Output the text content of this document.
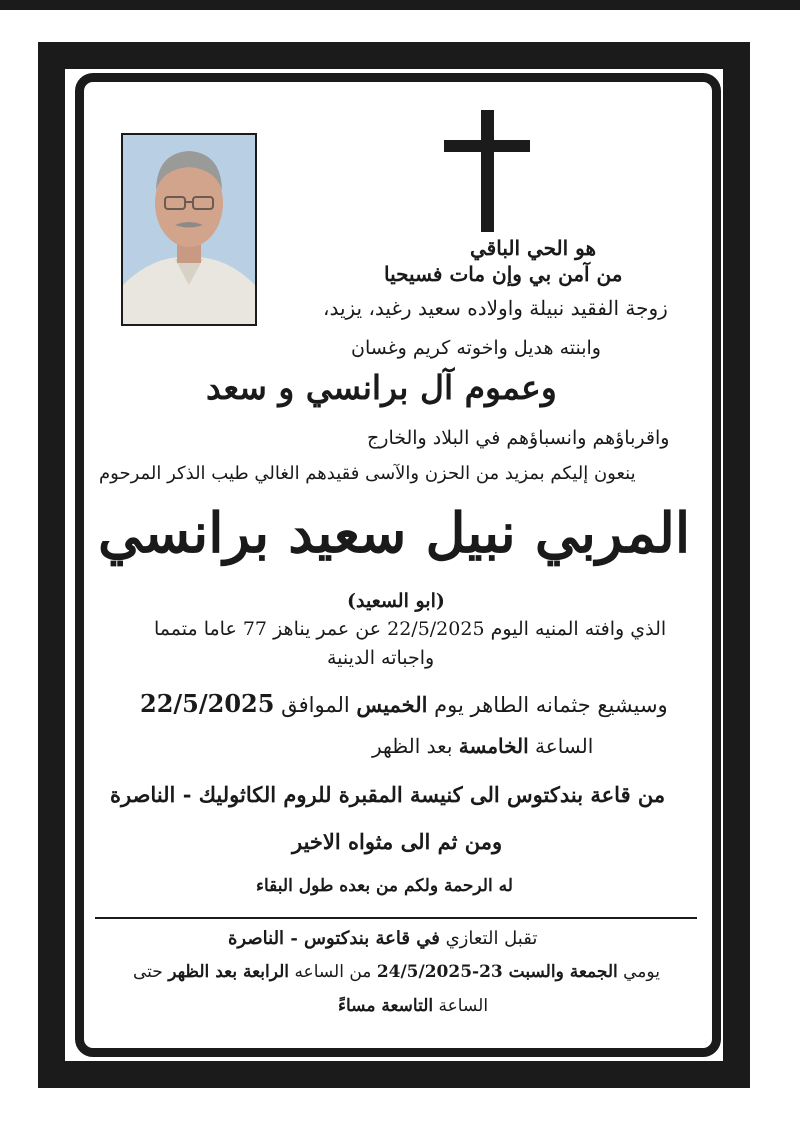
هو الحي الباقي
من آمن بي وإن مات فسيحيا
زوجة الفقيد نبيلة واولاده سعيد رغيد، يزيد،
وابنته هديل واخوته كريم وغسان
وعموم آل برانسي و سعد
واقرباؤهم وانسباؤهم في البلاد والخارج
ينعون إليكم بمزيد من الحزن والآسى فقيدهم الغالي طيب الذكر المرحوم
المربي نبيل سعيد برانسي
(ابو السعيد)
الذي وافته المنيه اليوم 22/5/2025 عن عمر يناهز 77 عاما متمما
واجباته الدينية
وسيشيع جثمانه الطاهر يوم الخميس الموافق 22/5/2025
الساعة الخامسة بعد الظهر
من قاعة بندكتوس الى كنيسة المقبرة للروم الكاثوليك - الناصرة
ومن ثم الى مثواه الاخير
له الرحمة ولكم من بعده طول البقاء
تقبل التعازي في قاعة بندكتوس - الناصرة
يومي الجمعة والسبت 23-24/5/2025 من الساعه الرابعة بعد الظهر حتى
الساعة التاسعة مساءً
